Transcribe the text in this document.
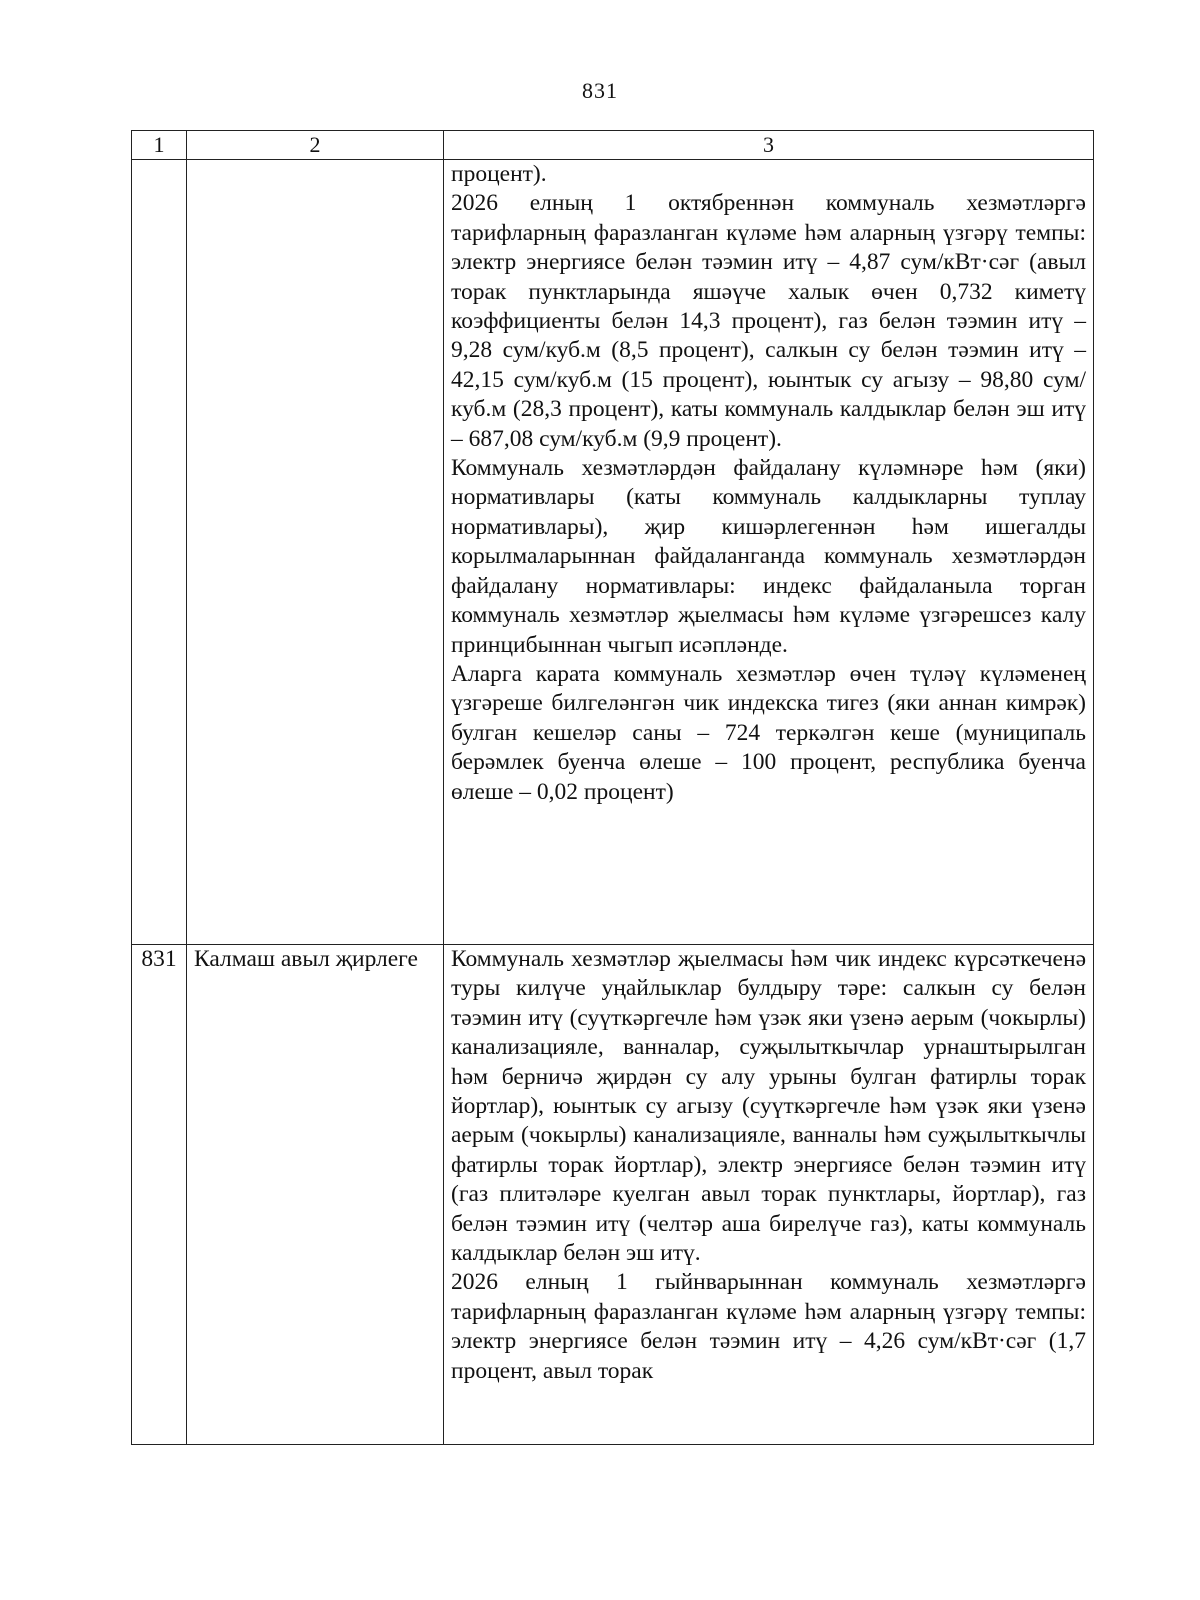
831
1	2	3

		процент).

2026 елның 1 октябреннән коммуналь хезмәтләргә тарифларның фаразланган күләме һәм аларның үзгәрү темпы: электр энергиясе белән тәэмин итү – 4,87 сум/кВт·сәг (авыл торак пунктларында яшәүче халык өчен 0,732 киметү коэффициенты белән 14,3 процент), газ белән тәэмин итү – 9,28 сум/куб.м (8,5 процент), салкын су белән тәэмин итү – 42,15 сум/куб.м (15 процент), юынтык су агызу – 98,80 сум/куб.м (28,3 процент), каты коммуналь калдыклар белән эш итү – 687,08 сум/куб.м (9,9 процент).

Коммуналь хезмәтләрдән файдалану күләмнәре һәм (яки) нормативлары (каты коммуналь калдыкларны туплау нормативлары), җир кишәрлегеннән һәм ишегалды корылмаларыннан файдаланганда коммуналь хезмәтләрдән файдалану нормативлары: индекс файдаланыла торган коммуналь хезмәтләр җыелмасы һәм күләме үзгәрешсез калу принцибыннан чыгып исәпләнде.

Аларга карата коммуналь хезмәтләр өчен түләү күләменең үзгәреше билгеләнгән чик индекска тигез (яки аннан кимрәк) булган кешеләр саны – 724 теркәлгән кеше (муниципаль берәмлек буенча өлеше – 100 процент, республика буенча өлеше – 0,02 процент)

831	Калмаш авыл җирлеге	Коммуналь хезмәтләр җыелмасы һәм чик индекс күрсәткеченә туры килүче уңайлыклар булдыру тәре: салкын су белән тәэмин итү (суүткәргечле һәм үзәк яки үзенә аерым (чокырлы) канализацияле, ванналар, суҗылыткычлар урнаштырылган һәм берничә җирдән су алу урыны булган фатирлы торак йортлар), юынтык су агызу (суүткәргечле һәм үзәк яки үзенә аерым (чокырлы) канализацияле, ванналы һәм суҗылыткычлы фатирлы торак йортлар), электр энергиясе белән тәэмин итү (газ плитәләре куелган авыл торак пунктлары, йортлар), газ белән тәэмин итү (челтәр аша бирелүче газ), каты коммуналь калдыклар белән эш итү.

2026 елның 1 гыйнварыннан коммуналь хезмәтләргә тарифларның фаразланган күләме һәм аларның үзгәрү темпы: электр энергиясе белән тәэмин итү – 4,26 сум/кВт·сәг (1,7 процент, авыл торак
